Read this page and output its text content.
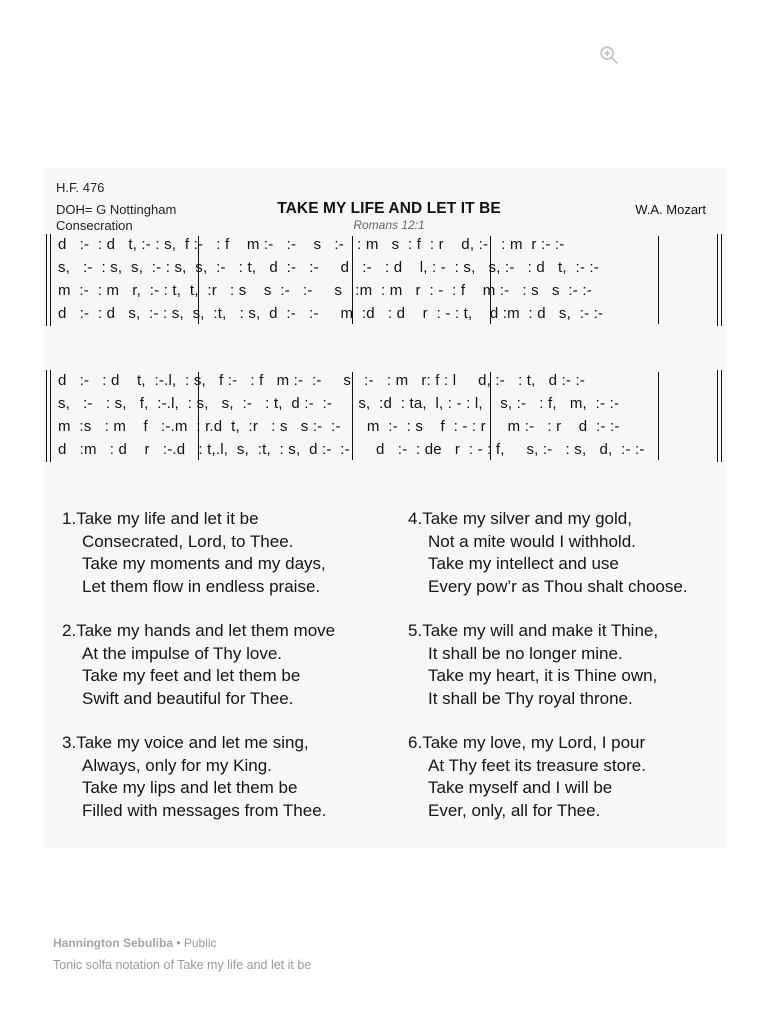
H.F. 476
DOH= G Nottingham
Consecration
TAKE MY LIFE AND LET IT BE
Romans 12:1
W.A. Mozart
d   :-  : d   t, :- : s,  f :-   : f    m :-   :-    s   :-   : m   s  : f  : r    d, :-   : m  r :- :-
s,   :-  : s,  s,  :- : s,  s,  :-   : t,   d  :-   :-     d   :-   : d    l, : -  : s,   s, :-   : d   t,  :- :-
m  :-  : m   r,  :- : t,  t,  :r   : s    s  :-   :-     s   :m  : m   r  : -  : f    m :-   : s   s  :- :-
d   :-  : d   s,  :- : s,  s,  :t,   : s,  d  :-   :-     m  :d   : d    r  : - : t,    d :m  : d   s,  :- :-
d   :-   : d    t,  :-.l,  : s,   f :-   : f   m :-  :-     s   :-   : m   r: f : l     d, :-   : t,   d :- :-
s,   :-   : s,   f,  :-.l,  : s,   s,  :-   : t,  d :-  :-      s,  :d  : ta,  l, : - : l,    s, :-   : f,   m,  :- :-
m  :s   : m    f   :-.m  : r.d  t,  :r   : s   s :-  :-      m  :-  : s    f  : - : r     m :-   : r    d  :- :-
d   :m   : d    r   :-.d   : t,.l,  s,  :t,  : s,  d :-  :-      d   :-  : de   r  : - : f,     s, :-   : s,   d,  :- :-
1.Take my life and let it be
Consecrated, Lord, to Thee.
Take my moments and my days,
Let them flow in endless praise.
2.Take my hands and let them move
At the impulse of Thy love.
Take my feet and let them be
Swift and beautiful for Thee.
3.Take my voice and let me sing,
Always, only for my King.
Take my lips and let them be
Filled with messages from Thee.
4.Take my silver and my gold,
Not a mite would I withhold.
Take my intellect and use
Every pow’r as Thou shalt choose.
5.Take my will and make it Thine,
It shall be no longer mine.
Take my heart, it is Thine own,
It shall be Thy royal throne.
6.Take my love, my Lord, I pour
At Thy feet its treasure store.
Take myself and I will be
Ever, only, all for Thee.
Hannington Sebuliba • Public
Tonic solfa notation of Take my life and let it be
